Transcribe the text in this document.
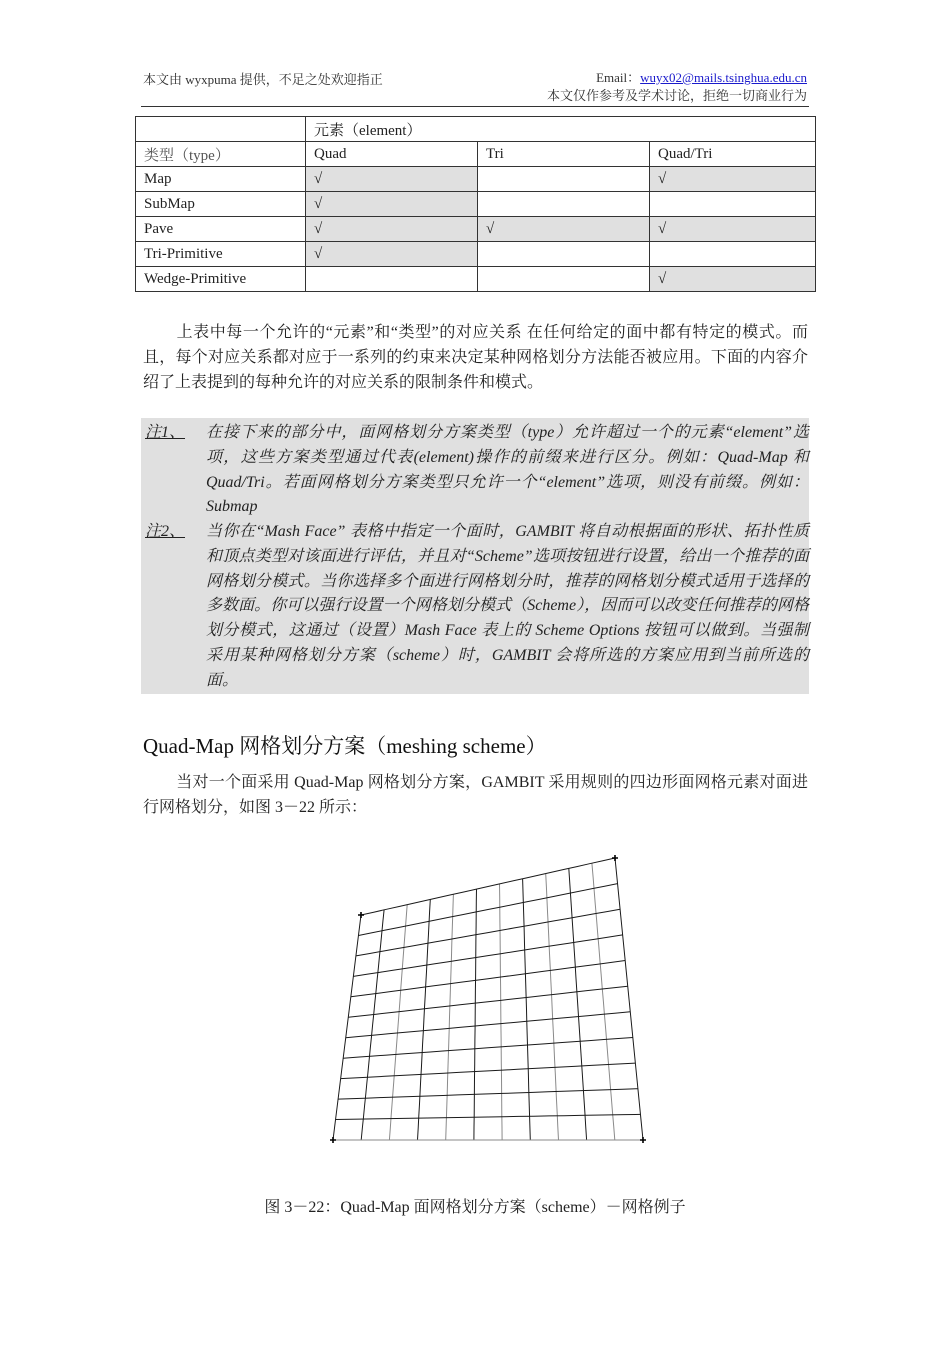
本文由 wyxpuma 提供，不足之处欢迎指正	Email：wuyx02@mails.tsinghua.edu.cn
本文仅作参考及学术讨论，拒绝一切商业行为
	元素（element）		
类型（type）	Quad	Tri	Quad/Tri
Map	√		√
SubMap	√		
Pave	√	√	√
Tri-Primitive	√		
Wedge-Primitive			√
上表中每一个允许的“元素”和“类型”的对应关系 在任何给定的面中都有特定的模式。而且，每个对应关系都对应于一系列的约束来决定某种网格划分方法能否被应用。下面的内容介绍了上表提到的每种允许的对应关系的限制条件和模式。
注1、 在接下来的部分中，面网格划分方案类型（type）允许超过一个的元素“element”选项，这些方案类型通过代表(element)操作的前缀来进行区分。例如：Quad-Map 和 Quad/Tri。若面网格划分方案类型只允许一个“element”选项，则没有前缀。例如：Submap
注2、 当你在“Mash Face” 表格中指定一个面时，GAMBIT 将自动根据面的形状、拓扑性质和顶点类型对该面进行评估，并且对“Scheme”选项按钮进行设置，给出一个推荐的面网格划分模式。当你选择多个面进行网格划分时，推荐的网格划分模式适用于选择的多数面。你可以强行设置一个网格划分模式（Scheme），因而可以改变任何推荐的网格划分模式，这通过（设置）Mash Face 表上的 Scheme Options 按钮可以做到。当强制采用某种网格划分方案（scheme）时，GAMBIT 会将所选的方案应用到当前所选的面。
Quad-Map 网格划分方案（meshing scheme）
当对一个面采用 Quad-Map 网格划分方案，GAMBIT 采用规则的四边形面网格元素对面进行网格划分，如图 3－22 所示：
图 3－22：Quad-Map 面网格划分方案（scheme）－网格例子
